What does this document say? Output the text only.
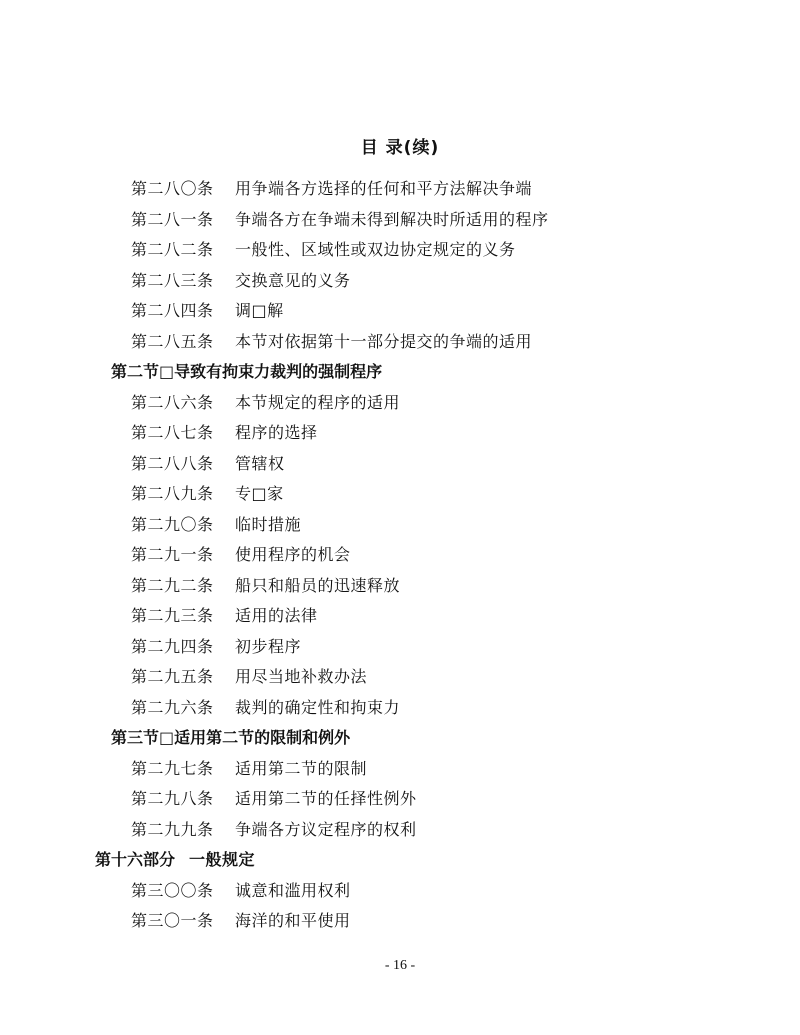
目 录(续)
第二八〇条 用争端各方选择的任何和平方法解决争端
第二八一条 争端各方在争端未得到解决时所适用的程序
第二八二条 一般性、区域性或双边协定规定的义务
第二八三条 交换意见的义务
第二八四条 调□解
第二八五条 本节对依据第十一部分提交的争端的适用
第二节□导致有拘束力裁判的强制程序
第二八六条 本节规定的程序的适用
第二八七条 程序的选择
第二八八条 管辖权
第二八九条 专□家
第二九〇条 临时措施
第二九一条 使用程序的机会
第二九二条 船只和船员的迅速释放
第二九三条 适用的法律
第二九四条 初步程序
第二九五条 用尽当地补救办法
第二九六条 裁判的确定性和拘束力
第三节□适用第二节的限制和例外
第二九七条 适用第二节的限制
第二九八条 适用第二节的任择性例外
第二九九条 争端各方议定程序的权利
第十六部分 一般规定
第三〇〇条 诚意和滥用权利
第三〇一条 海洋的和平使用
- 16 -
